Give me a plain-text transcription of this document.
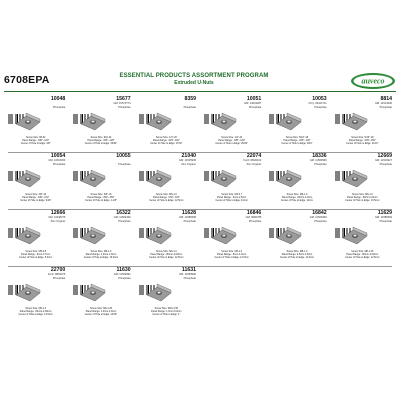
6708EPA	ESSENTIAL PRODUCTS ASSORTMENT PROGRAM
Extruded U-Nuts	auveco
10048
Phosphate
Screw Size: #8-32
Panel Range: .030"-.100"
Center of Hole to Edge: 3/8"
15677
GM: 15572773
Phosphate
Screw Size: #10-24
Panel Range: .025"-.125"
Center of Hole to Edge: 15/32"
8359
Phosphate
Screw Size: 1/4"-20
Panel Range: .025"-.100"
Center of Hole to Edge: 17/32"
10051
GM: 14024287
Phosphate
Screw Size: 1/4"-20
Panel Range: .035"-.100"
Center of Hole to Edge: 25/32"
10053
Chry: 06101711
Phosphate
Screw Size: 5/16"-18
Panel Range: .035"-.100"
Center of Hole to Edge: 9/16"
8814
GM: 11514336
Phosphate
Screw Size: 5/16"-18
Panel Range: .035"-.150"
Center of Hole to Edge: 11/16"
10054
GM: 11504303
Phosphate
Screw Size: 3/8"-16
Panel Range: .030"-.100"
Center of Hole to Edge: 9/16"
10055
Phosphate
Screw Size: 3/8"-16
Panel Range: .050"-.250"
Center of Hole to Edge: 1-1/8"
21040
GM: 11515939
Zinc Organic
Screw Size: M6-1.0
Panel Range: .030"-.125"
Center of Hole to Edge: 12.5mm
22074
Ford: W520102
Zinc Organic
Screw Size: M4-0.7
Panel Range: .6mm-2.5mm
Center of Hole to Edge: 10mm
18336
GM: 11569996
Phosphate
Screw Size: M6-1.0
Panel Range: .80mm-4.0mm
Center of Hole to Edge: 11mm
12669
GM: 11516927
Phosphate
Screw Size: M6-1.0
Panel Range: .80mm-4.0mm
Center of Hole to Edge: 13.5mm
12666
GM: 11548276
Zinc Organic
Screw Size: M5-0.8
Panel Range: .8mm-3.7mm
Center of Hole to Edge: 8.0mm
16322
GM: 11504309
Phosphate
Screw Size: M6-1.0
Panel Range: 1.0mm-2.0mm
Center of Hole to Edge: 19.0mm
11628
GM: 11588468
Phosphate
Screw Size: M6-1.0
Panel Range: .80mm-4.00mm
Center of Hole to Edge: 12.5mm
16846
GM: 9082785
Phosphate
Screw Size: M6-1.0
Panel Range: .8mm-4.0mm
Center of Hole to Edge: 12.5mm
16842
GM: 11509469
Phosphate
Screw Size: M8-1.0
Panel Range: 0.5mm-4.5mm
Center of Hole to Edge: 11.0mm
11629
GM: 11588469
Phosphate
Screw Size: M8-1.25
Panel Range: .80mm-4.00mm
Center of Hole to Edge: 14.5mm
22700
Ford: N803276
Phosphate
Screw Size: M6-1.0
Panel Range: .80mm-4.00mm
Center of Hole to Edge: 14.5mm
11630
GM: 11569991
Phosphate
Screw Size: M8-1.25
Panel Range: 1.0mm-4.0mm
Center of Hole to Edge: 13/16"
11631
GM: 11569996
Phosphate
Screw Size: M10-1.50
Panel Range: 1.0mm-5.0mm
Center of Hole to Edge: 1"
